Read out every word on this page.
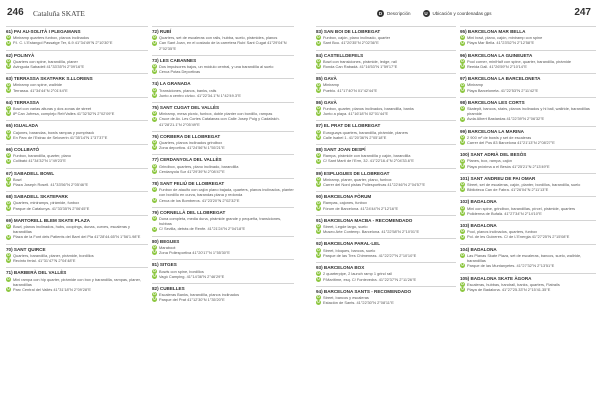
246 Cataluña SKATE	D	Descripción	U	Ubicación y coordenadas gps	247
61) PAI AU-SOLITÀ I PLEGAMANS
D Miniramp quarters funbox, planos inclinados
U P.I. C. L'Estangol Passatge Ter, 6-9 41°34'49"N 2°10'30"E
62) POLINYÀ
D Quarters con spine, barandilla, planer
U Avinguda Sabadell 41°33'35"N 2°09'16"E
63) TERRASSA SKATPARK S.LLORENS
D Miniramp con spine, wallride
U Terrassa. 41°34'44"N 2°01'44"E
64) TERRASSA
D Bowl con varias alturas y dos zonas de street
U 8ª Can Jofresa, complejo Reb'Valles 41°32'52"N 2°02'09"E
65) IGUALADA
D Cajones, barandas, bowls rampas y pumptrack
U En Parc de l'Estrac de Seloverin 41°35'14"N 1°37'37"E
66) COLLBATÓ
D Funbox, barandilla, quarter, plano
U Collbató 41°34'32"N 1°49'23"E
67) SABADELL BOWL
D Bowl
U Plaza Joseph Rosell. 41°33'56"N 2°05'46"E
68) SABADELL SKATEPARK
D Quarters, miniramps, pirámide, funbox
U Parque de Catalunya. 41°33'35"N 2°06'45"E
69) MARTORELL BLEM SKATE PLAZA
D Bowl, planos inclinados, hubs, coopings, dunas, curves, escaleras y barandillas
U Plaza de la Font dels Patients del Barri del Pla 41°28'44.65"N 1°56'1.98"E
70) SANT QUIRCE
D Quarters, barandilla, planer, pirámide, bordillos
U Recinto ferial. 41°31'47"N 2°04'48"E
71) BARBERÀ DEL VALLÈS
D Mini rampa con hip quarter, pirámide con box y barandilla, rampas, planer, barandillas
U Parc Central del Vallès 41°31'18"N 2°09'28"E
72) RUBÍ
D Quarters, set de escaleras con rails, hubba, suelo, pirámides, planos
U Can Sant Joan, en el costado de la carretera Rubí Sant Cugat 41°29'04"N 2°02'35"E
73) LES CABANNES
D Dos impulsores bajos, un módulo central, y una barandilla al suelo
U Cerca Potas Deportivas
74) LA GRANADA
D Transiciones, planos, banks, rails
U Junto a centro cívico. 41°22'34.1"N 1°42'49.3"E
75) SANT CUGAT DEL VALLÈS
D Miniramp, mesa picnic, funbox, doble planter con bordillo, rampas
U Cruce de Av. Les Cortes Catalanas con Calle Josep Puig y Cadafalch. 41°28'21.1"N 2°05'49"E
76) CORBERA DE LLOBREGAT
D Quarters, planos inclinados grindbox
U Zona deportiva. 41°24'56"N 1°55'21"E
77) CERDANYOLA DEL VALLÈS
D Grindbox, quarters, plano inclinado, barandilla
U Cerdanyola Sur 41°29'39"N 2°08'47"E
78) SANT FELIÚ DE LLOBREGAT
D Funbox de ataulfo con cajón plano bajada, quarters, planos inclinados, planter con bordillo en curva, barandas plana y redonda
U Cerca de los Bomberos. 41°23'20"N 2°02'32"E
79) CORNELLÀ DEL LLOBREGAT
D Duna completa, media duna, pirámide grande y pequeña, transiciones, hubbas
U C/ Sevilla, detrás de Renfe. 41°21'24"N 2°04'18"E
80) BEGUES
D Maraboot
U Zona Poliesportiva 41°20'17"N 1°55'30"E
81) SITGES
D Bowls con spine, bordillos
U Vagó Camping. 41°14'36"N 2°46'29"E
82) CUBELLES
D Escaleras Banks, barandilla, planos inclinados
U Parque del Prat 41°12'30"N 1°35'20"E
83) SAN BOI DE LLOBREGAT
D Funbox, cajón, plano inclinado, quarter
U Sant Bou. 41°20'35"N 2°02'36"E
84) CASTELLDEFELS
D Bowl con transiciones, pirámide, ledge, rail
U Ronda Can Rabadà. 41°16'53"N 1°59'17"E
85) GAVÀ
D Miniramp
U Pueblo. 41°17'40"N 01°42'44"E
86) GAVÀ
D Funbox, quarter, planos inclinados, barandilla, banks
U Junto a playa. 41°16'18"N 02°01'44"E
87) EL PRAT DE LLOBREGAT
D Euroguays quarters, barandilla, pirámide, planers
U Calle Isabel 1. 41°20'36"N 2°05'18"E
88) SANT JOAN DESPÍ
D Rampa, pirámide con barandilla y cajón, barandilla
U C/ Sant Martí de l'Erm, 32. 41°22'16.4"N 2°04'33.6"E
89) ESPLUGUES DE LLOBREGAT
D Miniramp, planer, quarter, plano, funbox
U Carrer del Nord pistas Poliesportivas 41°22'46"N 2°04'57"E
90) BARCELONA FÒRUM
D Rampas, cajones, funbox
U Fòrum de Barcelona. 41°24'44"N 2°12'16"E
91) BARCELONA MACBA - RECOMENDADO
D Street, Legde largo, suelo
U Museo Arte Contemp. Barcelona. 41°22'58"N 2°10'01"E
92) BARCELONA PARAL·LEL
D Street, bloques, bancos, suelo
U Parque de las Tres Chimeneas. 41°22'27"N 2°10'10"E
93) BARCELONA BOX
D 2 quarterpipe, 2 launch ramp 1 grind rail
U P.Marítime, esq. C/ Fontevedra. 41°22'37"N 2°11'26"E
94) BARCELONA SANTS - RECOMENDADO
D Street, bancos y escaleras
U Estación de Sants. 41°22'30"N 2°08'11"E
95) BARCELONA MAR BELLA
D Mini bowl, plano, cajón, miniramp con spine
U Playa Mar Bella. 41°23'52"N 2°12'58"E
96) BARCELONA LA GUINEUETA
D Pool corner, miniHalf con spine, quarter, barandilla, pirámide
U Reeida Dall. 41°26'59"N 2°10'14"E
97) BARCELONA LA BARCELONETA
D Miniramp
U Playa Barceloneta. 41°22'53"N 2°11'42"E
98) BARCELONA LES CORTS
D Skatepit, bancos, stairs, planos inclinados y hi ball, wallride, barandillas piramide
U Avda Albert Bastardas 41°22'39"N 2°06'32"E
99) BARCELONA LA MARINA
D 2 900 m² de bowls y set de escaleras
U Carrer del Pos 83 Barcelona 41°21'13"N 2°08'27"E
100) SANT ADRIÀ DEL BESÒS
D Planes, box, rampa, cajón
U Playa próxima a el Besòs 41°25'21"N 2°13'49"E
101) SANT ANDREU DE PAI OMAR
D Street, set de escaleras, cajón, planter, bordillos, barandilla, suelo
U Biblioteca Can de Fabra. 41°26'04"N 2°11'13"E
102) BADALONA
D Mini con spine, grindbox, barandillas, pírcel, pirámide, quarters
U Poliderma de Bufalà. 41°27'34"N 2°14'10"E
103) BADALONA
D Pool, planos inclinados, quarters, funbox
U Pol. de les Guixeres. C/ de L'Energia 41°27'25"N 2°15'08"E
104) BADALONA
D Las Planas Skate Plaza, set de escaleras, bancos, suelo, wallride, barandillas
U Parque de las Muntanyetes. 41°27'32"N 2°13'51"E
105) BADALONA SKATE ÀGORA
D Escaleras, hubbas, handrail, banks, quarters, Flatrails
U Playa de Badalona. 41°27'25.33"N 2°15'41.35"E
